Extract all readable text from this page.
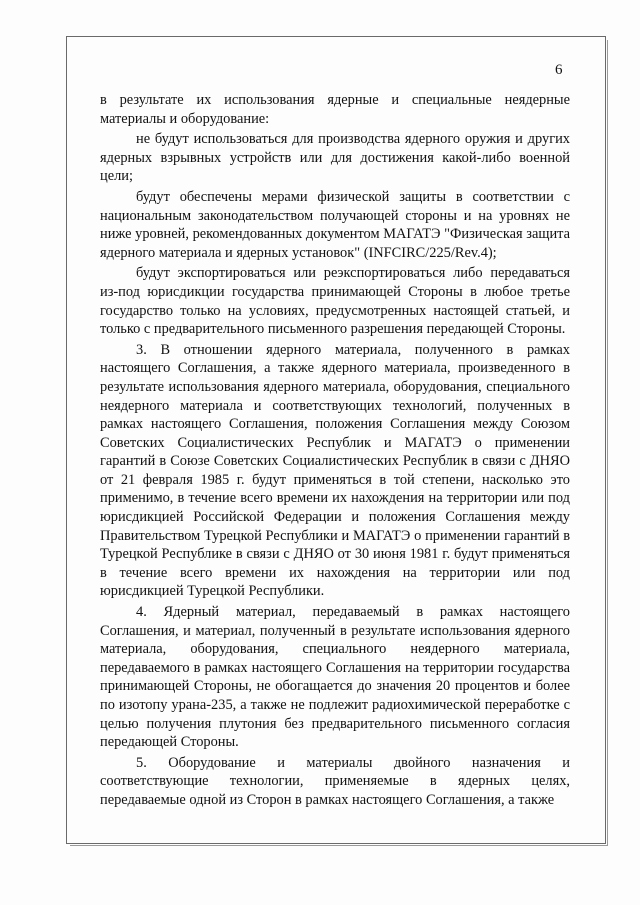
6

в результате их использования ядерные и специальные неядерные материалы и оборудование:

не будут использоваться для производства ядерного оружия и других ядерных взрывных устройств или для достижения какой-либо военной цели;

будут обеспечены мерами физической защиты в соответствии с национальным законодательством получающей стороны и на уровнях не ниже уровней, рекомендованных документом МАГАТЭ "Физическая защита ядерного материала и ядерных установок" (INFCIRC/225/Rev.4);

будут экспортироваться или реэкспортироваться либо передаваться из-под юрисдикции государства принимающей Стороны в любое третье государство только на условиях, предусмотренных настоящей статьей, и только с предварительного письменного разрешения передающей Стороны.

3. В отношении ядерного материала, полученного в рамках настоящего Соглашения, а также ядерного материала, произведенного в результате использования ядерного материала, оборудования, специального неядерного материала и соответствующих технологий, полученных в рамках настоящего Соглашения, положения Соглашения между Союзом Советских Социалистических Республик и МАГАТЭ о применении гарантий в Союзе Советских Социалистических Республик в связи с ДНЯО от 21 февраля 1985 г. будут применяться в той степени, насколько это применимо, в течение всего времени их нахождения на территории или под юрисдикцией Российской Федерации и положения Соглашения между Правительством Турецкой Республики и МАГАТЭ о применении гарантий в Турецкой Республике в связи с ДНЯО от 30 июня 1981 г. будут применяться в течение всего времени их нахождения на территории или под юрисдикцией Турецкой Республики.

4. Ядерный материал, передаваемый в рамках настоящего Соглашения, и материал, полученный в результате использования ядерного материала, оборудования, специального неядерного материала, передаваемого в рамках настоящего Соглашения на территории государства принимающей Стороны, не обогащается до значения 20 процентов и более по изотопу урана-235, а также не подлежит радиохимической переработке с целью получения плутония без предварительного письменного согласия передающей Стороны.

5. Оборудование и материалы двойного назначения и соответствующие технологии, применяемые в ядерных целях, передаваемые одной из Сторон в рамках настоящего Соглашения, а также
